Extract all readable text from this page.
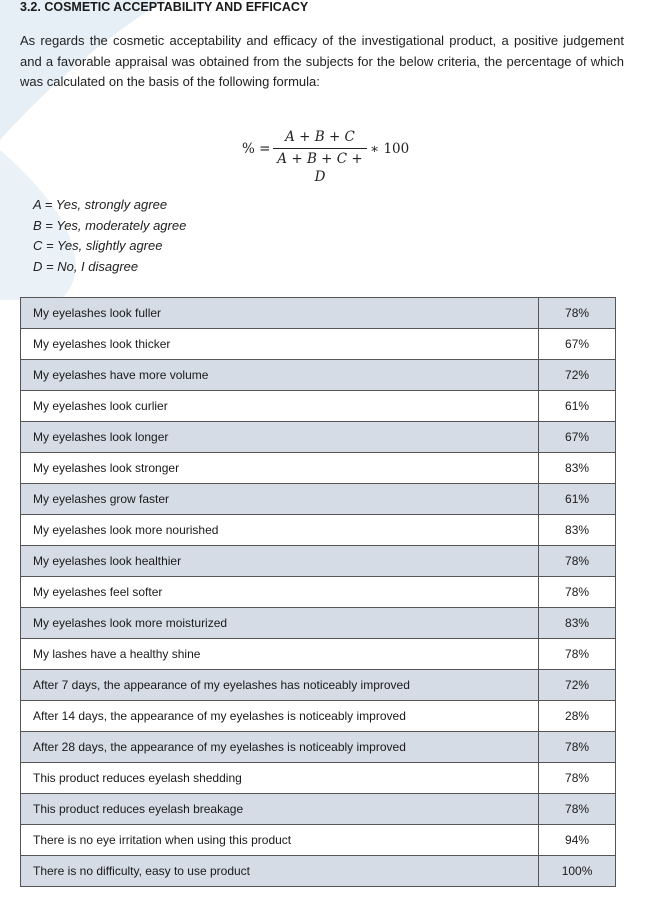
3.2. COSMETIC ACCEPTABILITY AND EFFICACY
As regards the cosmetic acceptability and efficacy of the investigational product, a positive judgement and a favorable appraisal was obtained from the subjects for the below criteria, the percentage of which was calculated on the basis of the following formula:
% =
A + B + C
A + B + C + D
∗ 100
A = Yes, strongly agree
B = Yes, moderately agree
C = Yes, slightly agree
D = No, I disagree
My eyelashes look fuller	78%
My eyelashes look thicker	67%
My eyelashes have more volume	72%
My eyelashes look curlier	61%
My eyelashes look longer	67%
My eyelashes look stronger	83%
My eyelashes grow faster	61%
My eyelashes look more nourished	83%
My eyelashes look healthier	78%
My eyelashes feel softer	78%
My eyelashes look more moisturized	83%
My lashes have a healthy shine	78%
After 7 days, the appearance of my eyelashes has noticeably improved	72%
After 14 days, the appearance of my eyelashes is noticeably improved	28%
After 28 days, the appearance of my eyelashes is noticeably improved	78%
This product reduces eyelash shedding	78%
This product reduces eyelash breakage	78%
There is no eye irritation when using this product	94%
There is no difficulty, easy to use product	100%
